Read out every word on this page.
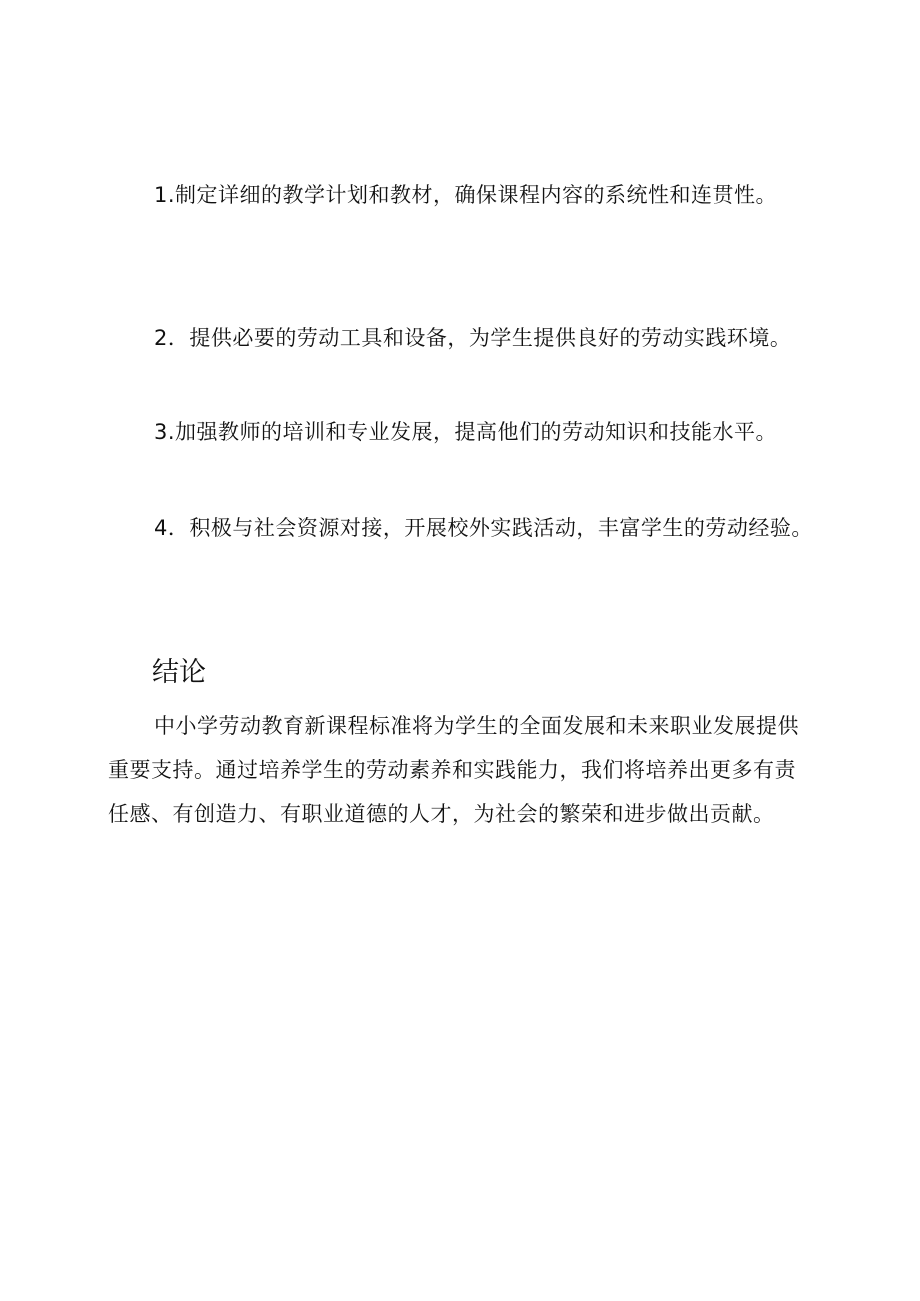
1.制定详细的教学计划和教材，确保课程内容的系统性和连贯性。

2．提供必要的劳动工具和设备，为学生提供良好的劳动实践环境。

3.加强教师的培训和专业发展，提高他们的劳动知识和技能水平。

4．积极与社会资源对接，开展校外实践活动，丰富学生的劳动经验。

结论

中小学劳动教育新课程标准将为学生的全面发展和未来职业发展提供重要支持。通过培养学生的劳动素养和实践能力，我们将培养出更多有责任感、有创造力、有职业道德的人才，为社会的繁荣和进步做出贡献。
